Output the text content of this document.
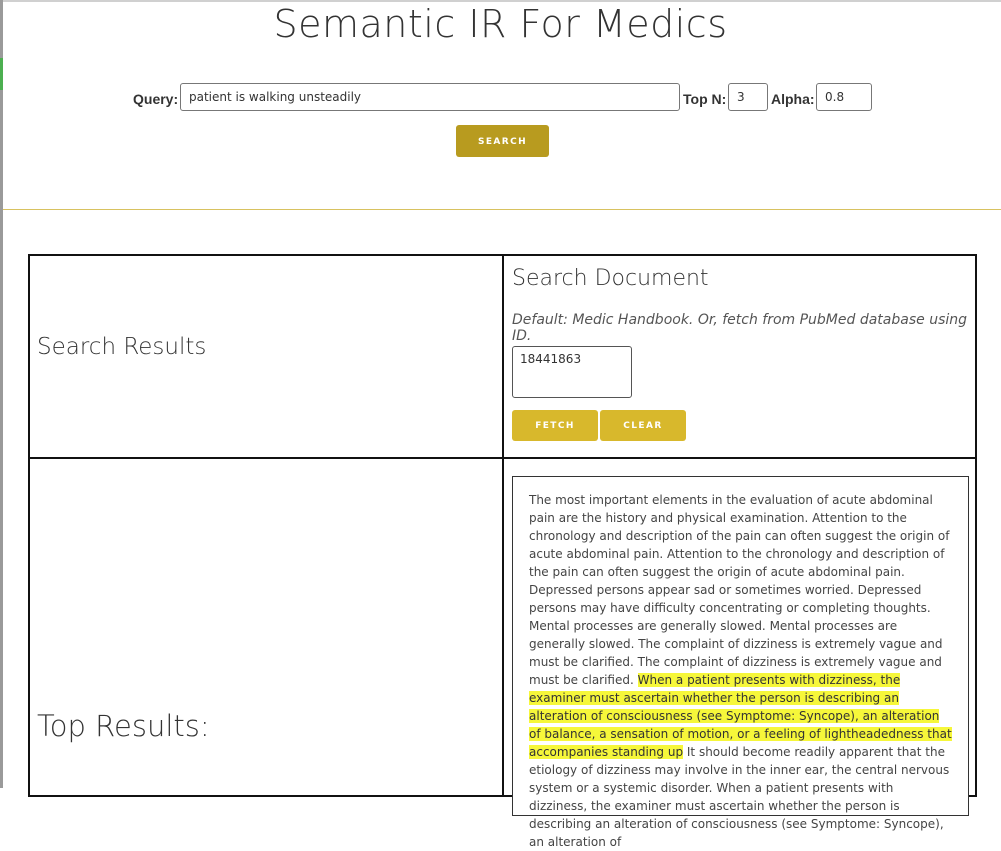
Semantic IR For Medics
Query: patient is walking unsteadily	Top N: 3	Alpha: 0.8
SEARCH
Search Results
Search Document
Default: Medic Handbook. Or, fetch from PubMed database using ID.
18441863
FETCH	CLEAR
Top Results:
The most important elements in the evaluation of acute abdominal pain are the history and physical examination. Attention to the chronology and description of the pain can often suggest the origin of acute abdominal pain. Attention to the chronology and description of the pain can often suggest the origin of acute abdominal pain. Depressed persons appear sad or sometimes worried. Depressed persons may have difficulty concentrating or completing thoughts. Mental processes are generally slowed. Mental processes are generally slowed. The complaint of dizziness is extremely vague and must be clarified. The complaint of dizziness is extremely vague and must be clarified. When a patient presents with dizziness, the examiner must ascertain whether the person is describing an alteration of consciousness (see Symptome: Syncope), an alteration of balance, a sensation of motion, or a feeling of lightheadedness that accompanies standing up It should become readily apparent that the etiology of dizziness may involve in the inner ear, the central nervous system or a systemic disorder. When a patient presents with dizziness, the examiner must ascertain whether the person is describing an alteration of consciousness (see Symptome: Syncope), an alteration of
